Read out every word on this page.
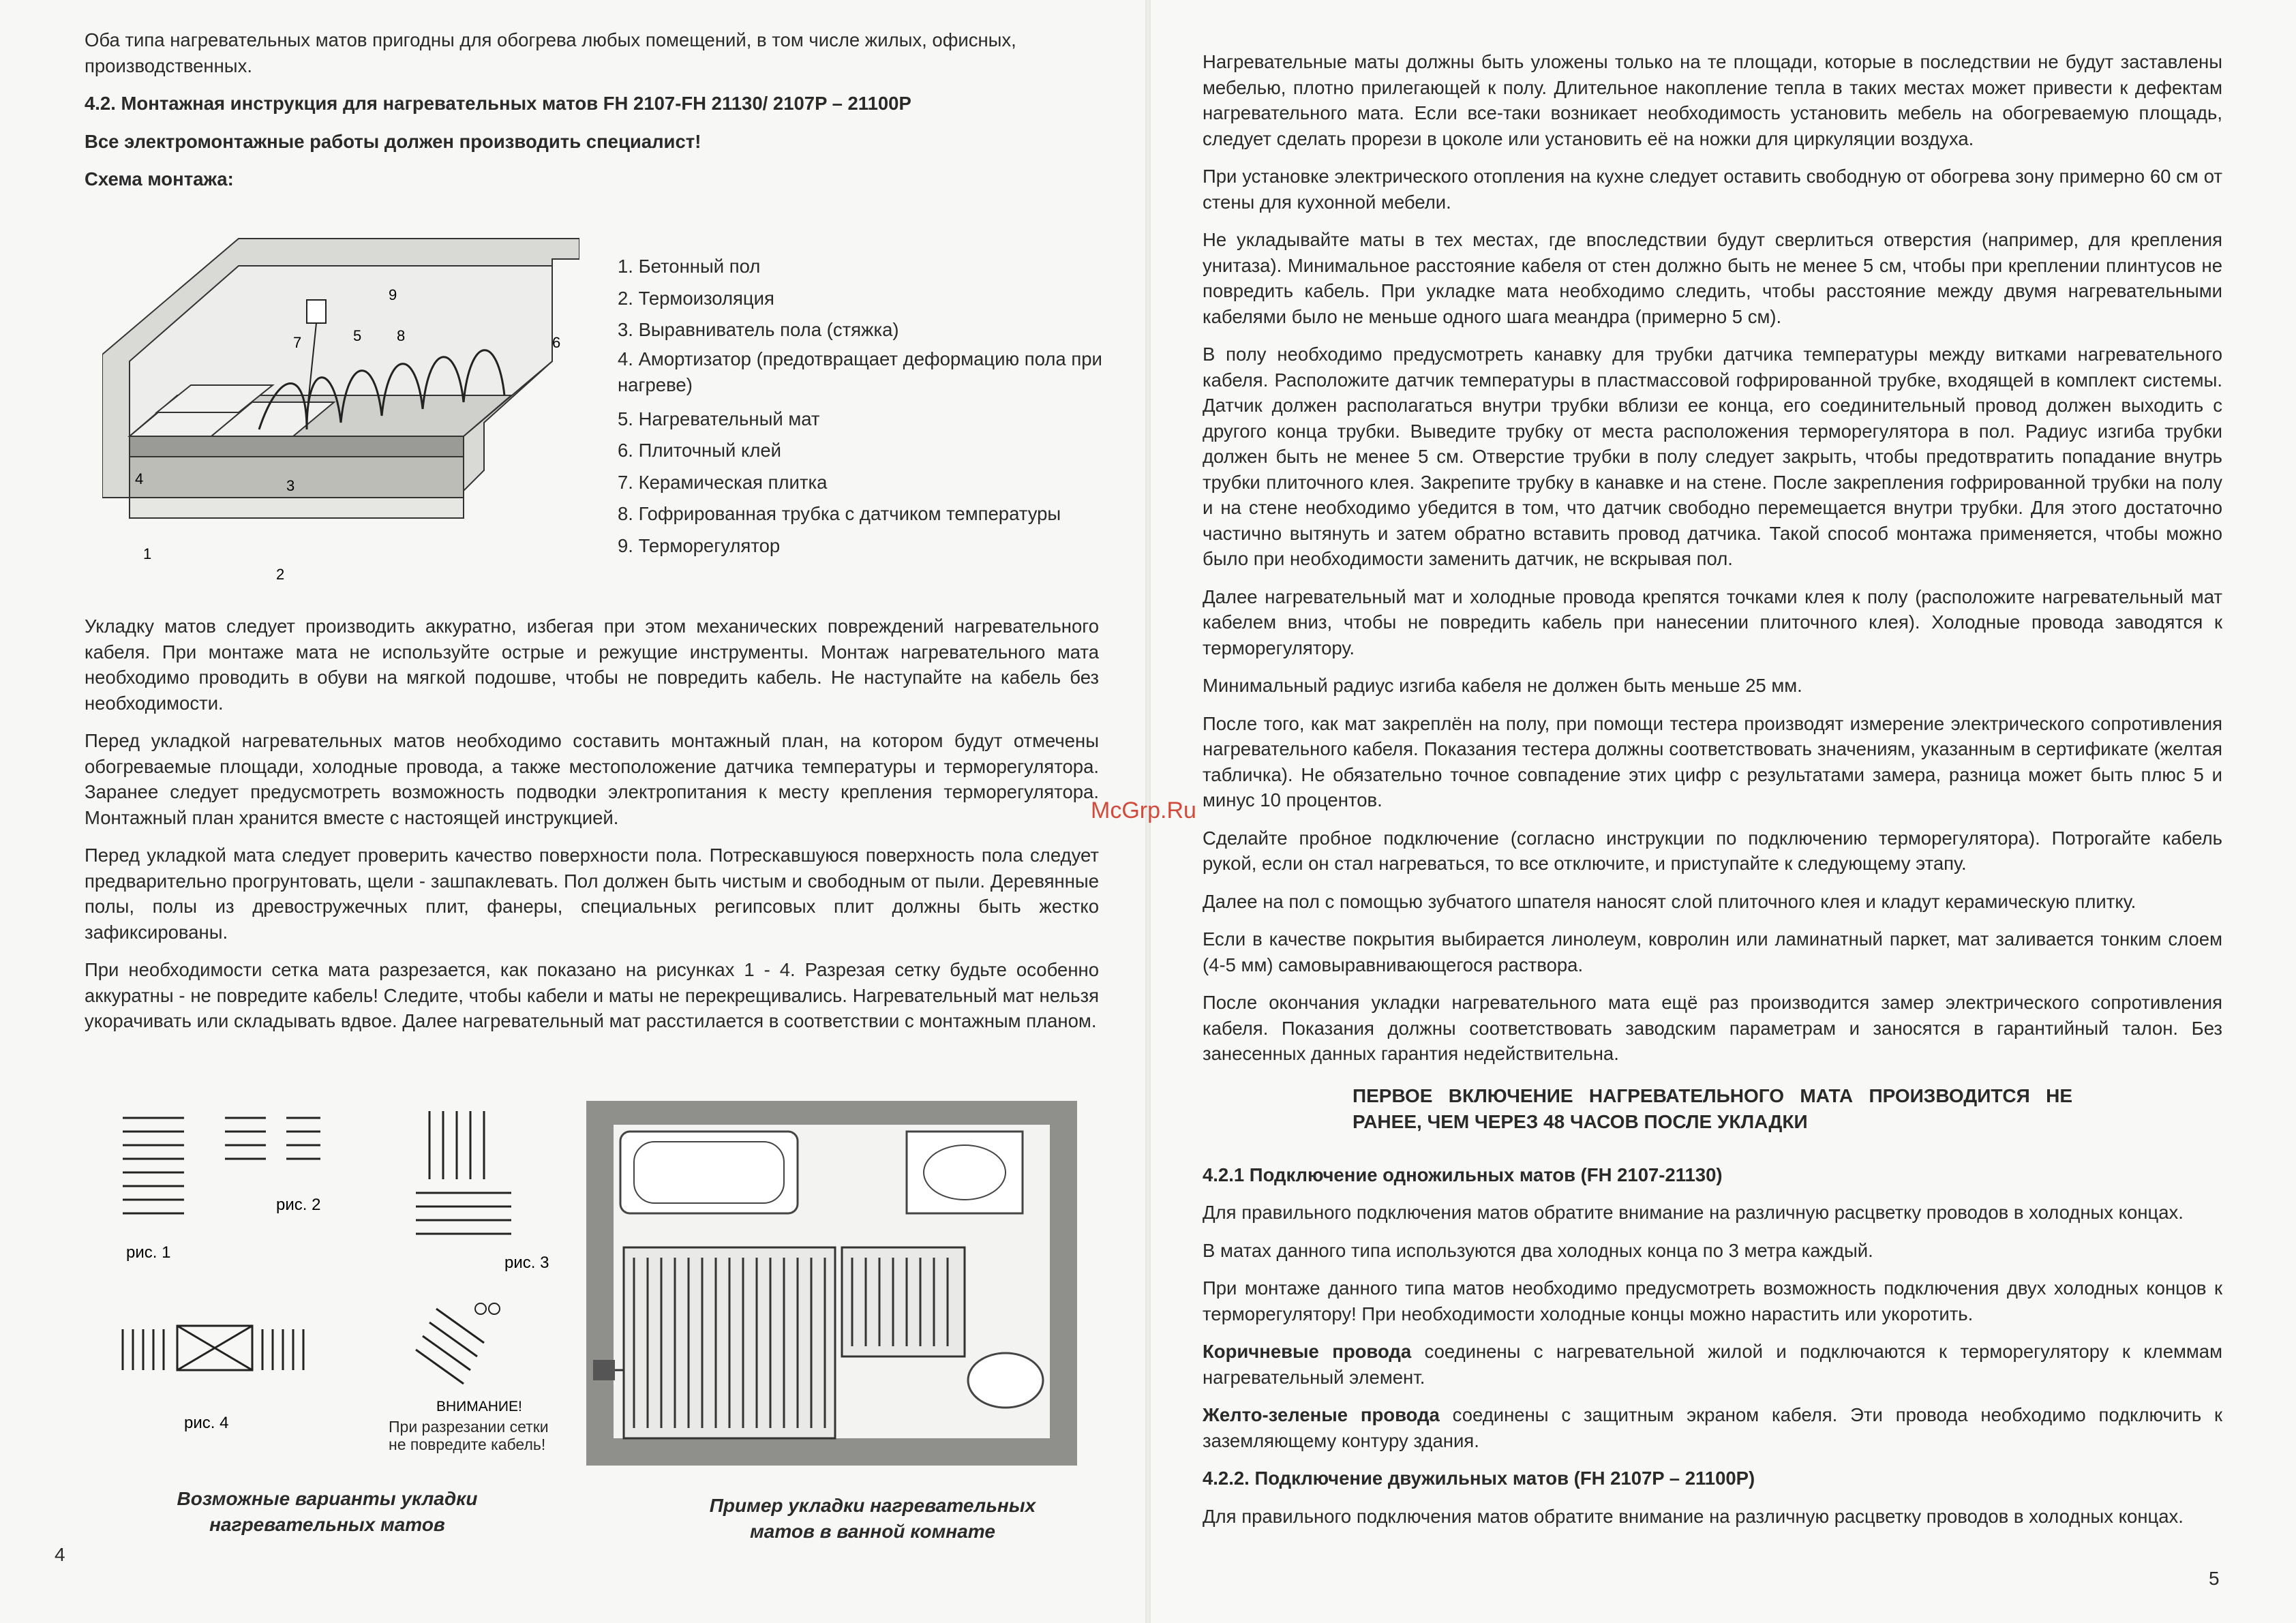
Оба типа нагревательных матов пригодны для обогрева любых помещений, в том числе жилых, офисных, производственных.

4.2. Монтажная инструкция для нагревательных матов FH 2107-FH 21130/ 2107P – 21100P

Все электромонтажные работы должен производить специалист!

Схема монтажа:

1
2
3
4
5	6
7	8
9
1. Бетонный пол
2. Термоизоляция
3. Выравниватель пола (стяжка)
4. Амортизатор (предотвращает деформацию пола при нагреве)
5. Нагревательный мат
6. Плиточный клей
7. Керамическая плитка
8. Гофрированная трубка с датчиком температуры
9. Терморегулятор

Укладку матов следует производить аккуратно, избегая при этом механических повреждений нагревательного кабеля. При монтаже мата не используйте острые и режущие инструменты. Монтаж нагревательного мата необходимо проводить в обуви на мягкой подошве, чтобы не повредить кабель. Не наступайте на кабель без необходимости.

Перед укладкой нагревательных матов необходимо составить монтажный план, на котором будут отмечены обогреваемые площади, холодные провода, а также местоположение датчика температуры и терморегулятора. Заранее следует предусмотреть возможность подводки электропитания к месту крепления терморегулятора. Монтажный план хранится вместе с настоящей инструкцией.

Перед укладкой мата следует проверить качество поверхности пола. Потрескавшуюся поверхность пола следует предварительно прогрунтовать, щели - зашпаклевать. Пол должен быть чистым и свободным от пыли. Деревянные полы, полы из древостружечных плит, фанеры, специальных регипсовых плит должны быть жестко зафиксированы.

При необходимости сетка мата разрезается, как показано на рисунках 1 - 4. Разрезая сетку будьте особенно аккуратны - не повредите кабель! Следите, чтобы кабели и маты не перекрещивались. Нагревательный мат нельзя укорачивать или складывать вдвое. Далее нагревательный мат расстилается в соответствии с монтажным планом.

рис. 1
рис. 2
рис. 3
рис. 4
ВНИМАНИЕ!
При разрезании сетки не повредите кабель!
Возможные варианты укладки нагревательных матов
Пример укладки нагревательных матов в ванной комнате
4

Нагревательные маты должны быть уложены только на те площади, которые в последствии не будут заставлены мебелью, плотно прилегающей к полу. Длительное накопление тепла в таких местах может привести к дефектам нагревательного мата. Если все-таки возникает необходимость установить мебель на обогреваемую площадь, следует сделать прорези в цоколе или установить её на ножки для циркуляции воздуха.

При установке электрического отопления на кухне следует оставить свободную от обогрева зону примерно 60 см от стены для кухонной мебели.

Не укладывайте маты в тех местах, где впоследствии будут сверлиться отверстия (например, для крепления унитаза). Минимальное расстояние кабеля от стен должно быть не менее 5 см, чтобы при креплении плинтусов не повредить кабель. При укладке мата необходимо следить, чтобы расстояние между двумя нагревательными кабелями было не меньше одного шага меандра (примерно 5 см).

В полу необходимо предусмотреть канавку для трубки датчика температуры между витками нагревательного кабеля. Расположите датчик температуры в пластмассовой гофрированной трубке, входящей в комплект системы. Датчик должен располагаться внутри трубки вблизи ее конца, его соединительный провод должен выходить с другого конца трубки. Выведите трубку от места расположения терморегулятора в пол. Радиус изгиба трубки должен быть не менее 5 см. Отверстие трубки в полу следует закрыть, чтобы предотвратить попадание внутрь трубки плиточного клея. Закрепите трубку в канавке и на стене. После закрепления гофрированной трубки на полу и на стене необходимо убедится в том, что датчик свободно перемещается внутри трубки. Для этого достаточно частично вытянуть и затем обратно вставить провод датчика. Такой способ монтажа применяется, чтобы можно было при необходимости заменить датчик, не вскрывая пол.

Далее нагревательный мат и холодные провода крепятся точками клея к полу (расположите нагревательный мат кабелем вниз, чтобы не повредить кабель при нанесении плиточного клея). Холодные провода заводятся к терморегулятору.

Минимальный радиус изгиба кабеля не должен быть меньше 25 мм.

После того, как мат закреплён на полу, при помощи тестера производят измерение электрического сопротивления нагревательного кабеля. Показания тестера должны соответствовать значениям, указанным в сертификате (желтая табличка). Не обязательно точное совпадение этих цифр с результатами замера, разница может быть плюс 5 и минус 10 процентов.

Сделайте пробное подключение (согласно инструкции по подключению терморегулятора). Потрогайте кабель рукой, если он стал нагреваться, то все отключите, и приступайте к следующему этапу.

Далее на пол с помощью зубчатого шпателя наносят слой плиточного клея и кладут керамическую плитку.

Если в качестве покрытия выбирается линолеум, ковролин или ламинатный паркет, мат заливается тонким слоем (4-5 мм) самовыравнивающегося раствора.

После окончания укладки нагревательного мата ещё раз производится замер электрического сопротивления кабеля. Показания должны соответствовать заводским параметрам и заносятся в гарантийный талон. Без занесенных данных гарантия недействительна.

ПЕРВОЕ ВКЛЮЧЕНИЕ НАГРЕВАТЕЛЬНОГО МАТА ПРОИЗВОДИТСЯ НЕ РАНЕЕ, ЧЕМ ЧЕРЕЗ 48 ЧАСОВ ПОСЛЕ УКЛАДКИ

4.2.1 Подключение одножильных матов (FH 2107-21130)

Для правильного подключения матов обратите внимание на различную расцветку проводов в холодных концах.

В матах данного типа используются два холодных конца по 3 метра каждый.

При монтаже данного типа матов необходимо предусмотреть возможность подключения двух холодных концов к терморегулятору! При необходимости холодные концы можно нарастить или укоротить.

Коричневые провода соединены с нагревательной жилой и подключаются к терморегулятору к клеммам нагревательный элемент.

Желто-зеленые провода соединены с защитным экраном кабеля. Эти провода необходимо подключить к заземляющему контуру здания.

4.2.2. Подключение двужильных матов (FH 2107P – 21100P)

Для правильного подключения матов обратите внимание на различную расцветку проводов в холодных концах.

5
McGrp.Ru
